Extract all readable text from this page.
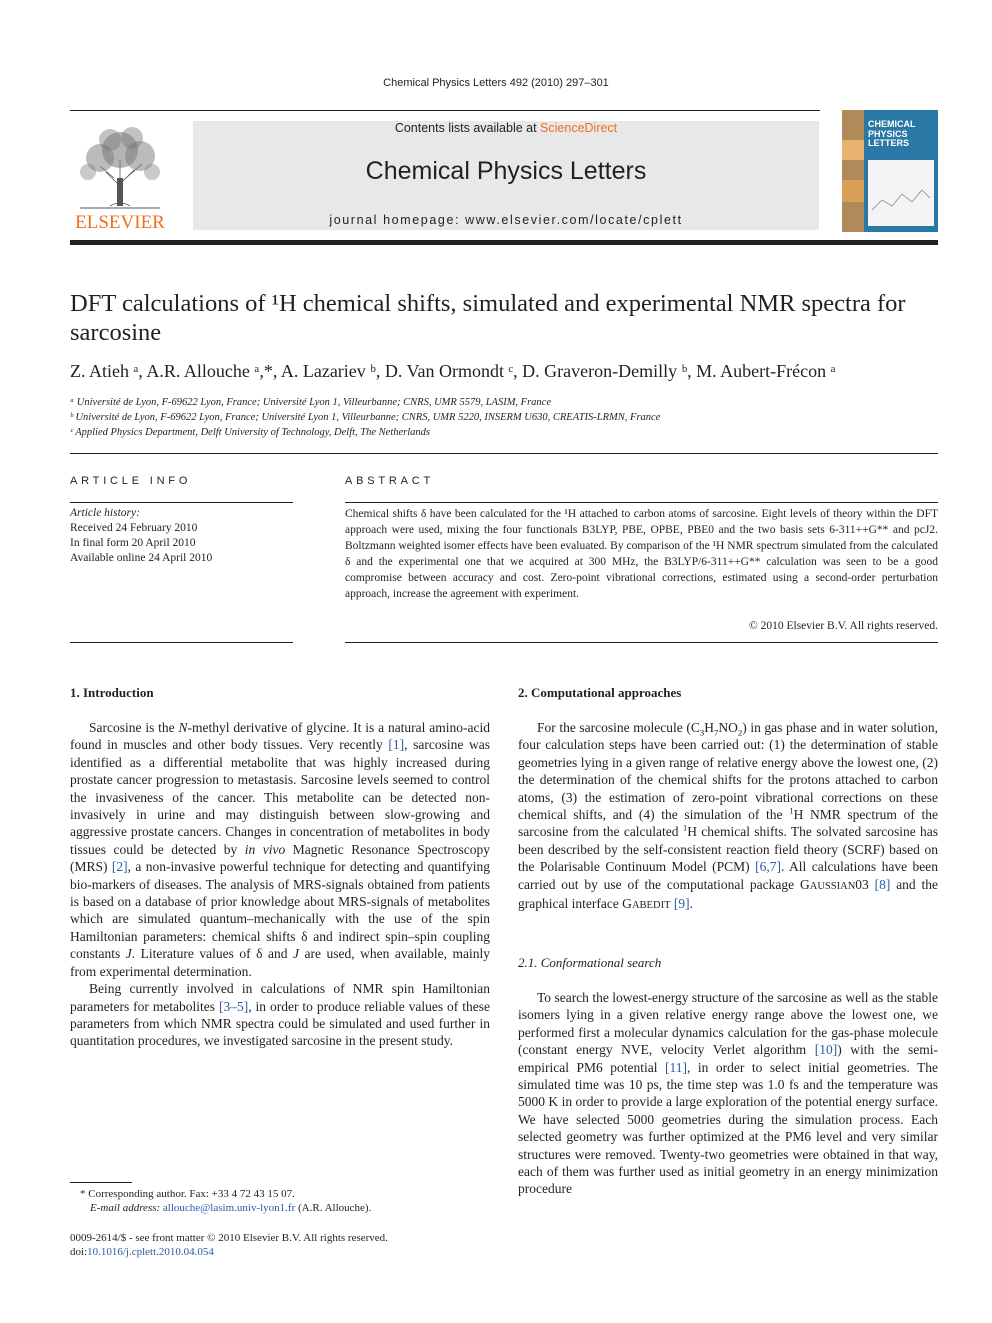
Chemical Physics Letters 492 (2010) 297–301
ELSEVIER
Contents lists available at ScienceDirect
Chemical Physics Letters
journal homepage: www.elsevier.com/locate/cplett
CHEMICAL
PHYSICS
LETTERS
DFT calculations of ¹H chemical shifts, simulated and experimental NMR spectra for sarcosine
Z. Atieh ᵃ, A.R. Allouche ᵃ,*, A. Lazariev ᵇ, D. Van Ormondt ᶜ, D. Graveron-Demilly ᵇ, M. Aubert-Frécon ᵃ
ᵃ Université de Lyon, F-69622 Lyon, France; Université Lyon 1, Villeurbanne; CNRS, UMR 5579, LASIM, France
ᵇ Université de Lyon, F-69622 Lyon, France; Université Lyon 1, Villeurbanne; CNRS, UMR 5220, INSERM U630, CREATIS-LRMN, France
ᶜ Applied Physics Department, Delft University of Technology, Delft, The Netherlands
ARTICLE INFO
Article history:
Received 24 February 2010
In final form 20 April 2010
Available online 24 April 2010
ABSTRACT
Chemical shifts δ have been calculated for the ¹H attached to carbon atoms of sarcosine. Eight levels of theory within the DFT approach were used, mixing the four functionals B3LYP, PBE, OPBE, PBE0 and the two basis sets 6-311++G** and pcJ2. Boltzmann weighted isomer effects have been evaluated. By comparison of the ¹H NMR spectrum simulated from the calculated δ and the experimental one that we acquired at 300 MHz, the B3LYP/6-311++G** calculation was seen to be a good compromise between accuracy and cost. Zero-point vibrational corrections, estimated using a second-order perturbation approach, increase the agreement with experiment.
© 2010 Elsevier B.V. All rights reserved.
1. Introduction

Sarcosine is the N-methyl derivative of glycine. It is a natural amino-acid found in muscles and other body tissues. Very recently [1], sarcosine was identified as a differential metabolite that was highly increased during prostate cancer progression to metastasis. Sarcosine levels seemed to control the invasiveness of the cancer. This metabolite can be detected non-invasively in urine and may distinguish between slow-growing and aggressive prostate cancers. Changes in concentration of metabolites in body tissues could be detected by in vivo Magnetic Resonance Spectroscopy (MRS) [2], a non-invasive powerful technique for detecting and quantifying bio-markers of diseases. The analysis of MRS-signals obtained from patients is based on a database of prior knowledge about MRS-signals of metabolites which are simulated quantum–mechanically with the use of the spin Hamiltonian parameters: chemical shifts δ and indirect spin–spin coupling constants J. Literature values of δ and J are used, when available, mainly from experimental determination.

Being currently involved in calculations of NMR spin Hamiltonian parameters for metabolites [3–5], in order to produce reliable values of these parameters from which NMR spectra could be simulated and used further in quantitation procedures, we investigated sarcosine in the present study.

* Corresponding author. Fax: +33 4 72 43 15 07.
E-mail address: allouche@lasim.univ-lyon1.fr (A.R. Allouche).
0009-2614/$ - see front matter © 2010 Elsevier B.V. All rights reserved.
doi:10.1016/j.cplett.2010.04.054
2. Computational approaches

For the sarcosine molecule $(C_3H_7NO_2)$ in gas phase and in water solution, four calculation steps have been carried out: (1) the determination of stable geometries lying in a given range of relative energy above the lowest one, (2) the determination of the chemical shifts for the protons attached to carbon atoms, (3) the estimation of zero-point vibrational corrections on these chemical shifts, and (4) the simulation of the $^1$H NMR spectrum of the sarcosine from the calculated $^1$H chemical shifts. The solvated sarcosine has been described by the self-consistent reaction field theory (SCRF) based on the Polarisable Continuum Model (PCM) [6,7]. All calculations have been carried out by use of the computational package GAUSSIAN03 [8] and the graphical interface GABEDIT [9].

2.1. Conformational search

To search the lowest-energy structure of the sarcosine as well as the stable isomers lying in a given relative energy range above the lowest one, we performed first a molecular dynamics calculation for the gas-phase molecule (constant energy NVE, velocity Verlet algorithm [10]) with the semi-empirical PM6 potential [11], in order to select initial geometries. The simulated time was 10 ps, the time step was 1.0 fs and the temperature was 5000 K in order to provide a large exploration of the potential energy surface. We have selected 5000 geometries during the simulation process. Each selected geometry was further optimized at the PM6 level and very similar structures were removed. Twenty-two geometries were obtained in that way, each of them was further used as initial geometry in an energy minimization procedure
